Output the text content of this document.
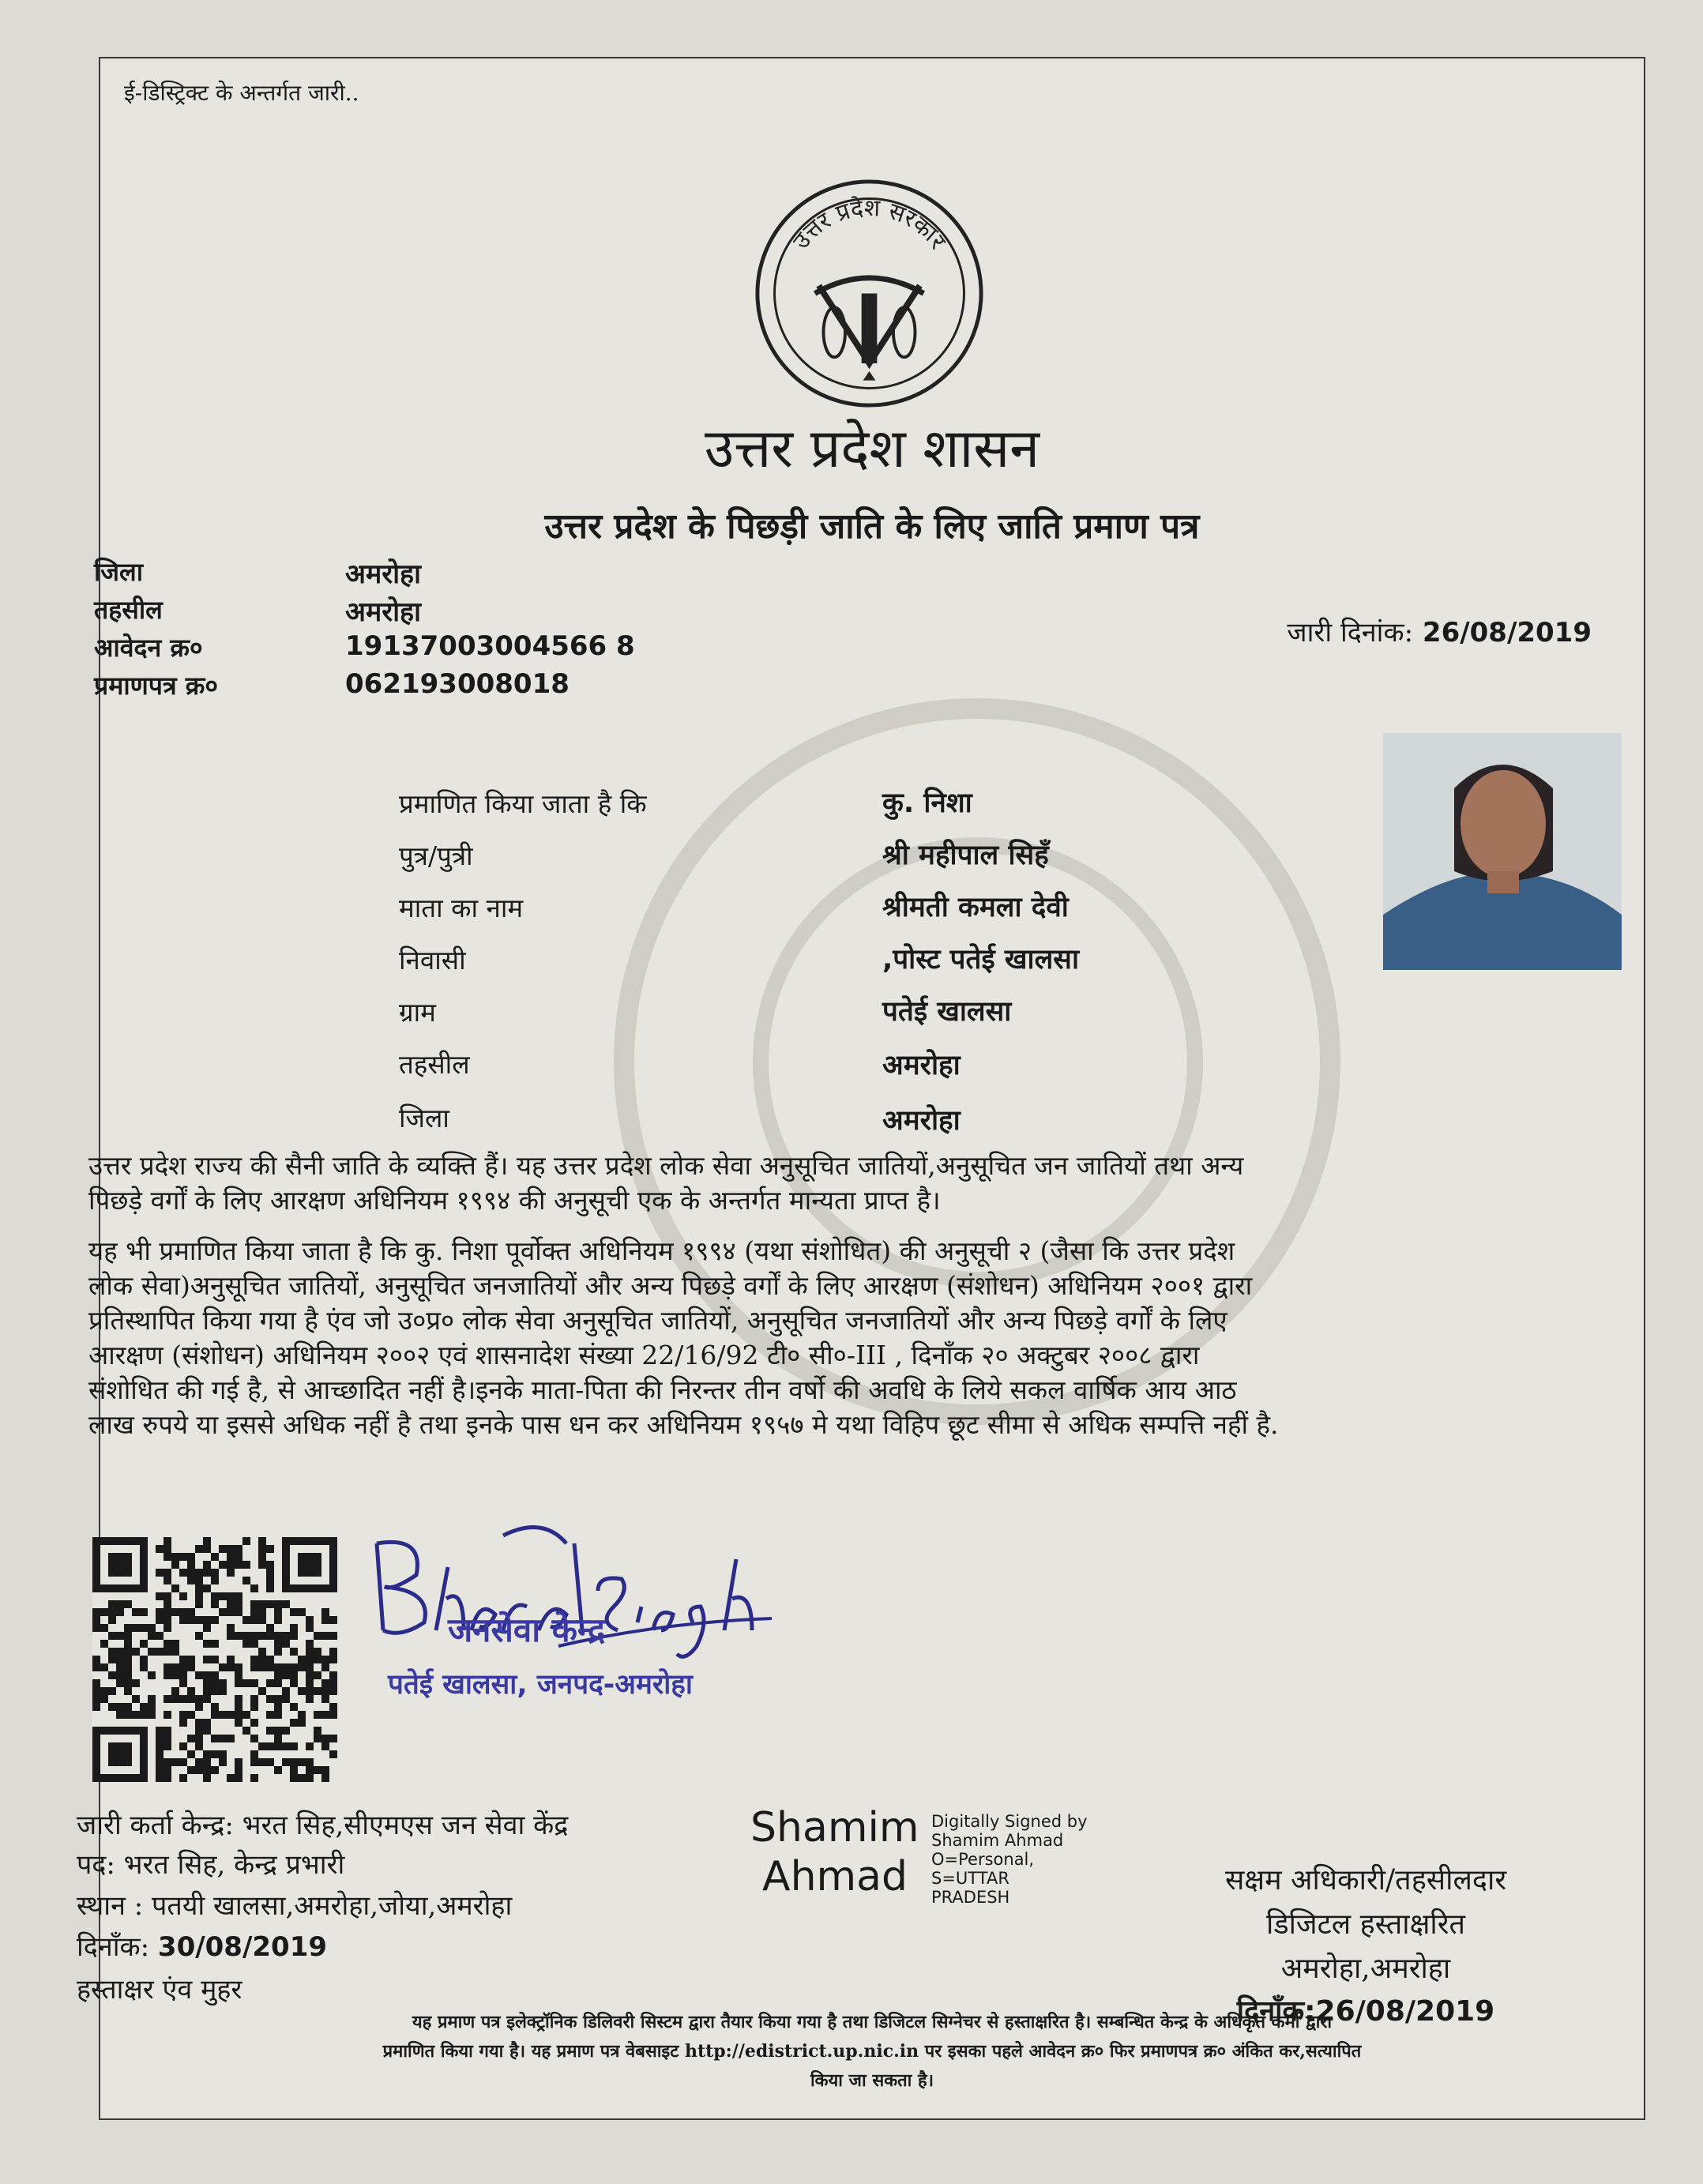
ई-डिस्ट्रिक्ट के अन्तर्गत जारी..
उत्तर प्रदेश सरकार
उत्तर प्रदेश शासन
उत्तर प्रदेश के पिछड़ी जाति के लिए जाति प्रमाण पत्र
जिला	अमरोहा
तहसील	अमरोहा
आवेदन क्र०	19137003004566 8
प्रमाणपत्र क्र०	062193008018
जारी दिनांक: 26/08/2019
प्रमाणित किया जाता है कि	कु. निशा
पुत्र/पुत्री	श्री महीपाल सिहँ
माता का नाम	श्रीमती कमला देवी
निवासी	,पोस्ट पतेई खालसा
ग्राम	पतेई खालसा
तहसील	अमरोहा
जिला	अमरोहा
उत्तर प्रदेश राज्य की सैनी जाति के व्यक्ति हैं। यह उत्तर प्रदेश लोक सेवा अनुसूचित जातियों,अनुसूचित जन जातियों तथा अन्य
पिछड़े वर्गों के लिए आरक्षण अधिनियम १९९४ की अनुसूची एक के अन्तर्गत मान्यता प्राप्त है।
यह भी प्रमाणित किया जाता है कि कु. निशा पूर्वोक्त अधिनियम १९९४ (यथा संशोधित) की अनुसूची २ (जैसा कि उत्तर प्रदेश
लोक सेवा)अनुसूचित जातियों, अनुसूचित जनजातियों और अन्य पिछड़े वर्गों के लिए आरक्षण (संशोधन) अधिनियम २००१ द्वारा
प्रतिस्थापित किया गया है एंव जो उ०प्र० लोक सेवा अनुसूचित जातियों, अनुसूचित जनजातियों और अन्य पिछड़े वर्गों के लिए
आरक्षण (संशोधन) अधिनियम २००२ एवं शासनादेश संख्या 22/16/92 टी० सी०-III , दिनाँक २० अक्टुबर २००८ द्वारा
संशोधित की गई है, से आच्छादित नहीं है।इनके माता-पिता की निरन्तर तीन वर्षो की अवधि के लिये सकल वार्षिक आय आठ
लाख रुपये या इससे अधिक नहीं है तथा इनके पास धन कर अधिनियम १९५७ मे यथा विहिप छूट सीमा से अधिक सम्पत्ति नहीं है.
जनसेवा केन्द्र
पतेई खालसा, जनपद-अमरोहा
जारी कर्ता केन्द्र: भरत सिह,सीएमएस जन सेवा केंद्र
पद: भरत सिह, केन्द्र प्रभारी
स्थान : पतयी खालसा,अमरोहा,जोया,अमरोहा
दिनाँक: 30/08/2019
हस्ताक्षर एंव मुहर
Shamim
Ahmad
Digitally Signed by
Shamim Ahmad
O=Personal,
S=UTTAR
PRADESH
सक्षम अधिकारी/तहसीलदार
डिजिटल हस्ताक्षरित
अमरोहा,अमरोहा
दिनाँक:26/08/2019
यह प्रमाण पत्र इलेक्ट्रॉनिक डिलिवरी सिस्टम द्वारा तैयार किया गया है तथा डिजिटल सिग्नेचर से हस्ताक्षरित है। सम्बन्धित केन्द्र के अधिकृत कर्मी द्वारा
प्रमाणित किया गया है। यह प्रमाण पत्र वेबसाइट http://edistrict.up.nic.in पर इसका पहले आवेदन क्र० फिर प्रमाणपत्र क्र० अंकित कर,सत्यापित
किया जा सकता है।
